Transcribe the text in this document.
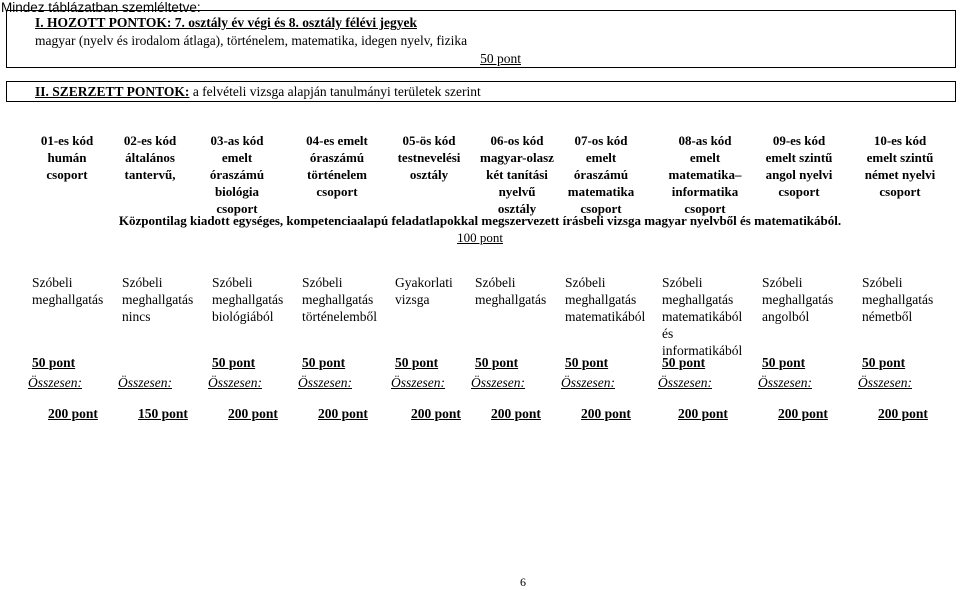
Mindez táblázatban szemléltetve:
I. HOZOTT PONTOK: 7. osztály év végi és 8. osztály félévi jegyek
magyar (nyelv és irodalom átlaga), történelem, matematika, idegen nyelv, fizika
50 pont
II. SZERZETT PONTOK: a felvételi vizsga alapján tanulmányi területek szerint
01-es kód
humán
csoport
Szóbeli
meghallgatás
50 pont
Összesen:
200 pont
02-es kód
általános
tantervű,
Szóbeli
meghallgatás
nincs
Összesen:
150 pont
03-as kód
emelt
óraszámú
biológia
csoport
Szóbeli
meghallgatás
biológiából
50 pont
Összesen:
200 pont
04-es emelt
óraszámú
történelem
csoport
Szóbeli
meghallgatás
történelemből
50 pont
Összesen:
200 pont
05-ös kód
testnevelési
osztály
Gyakorlati
vizsga
50 pont
Összesen:
200 pont
06-os kód
magyar-olasz
két tanítási
nyelvű
osztály
Szóbeli
meghallgatás
50 pont
Összesen:
200 pont
07-os kód
emelt
óraszámú
matematika
csoport
Szóbeli
meghallgatás
matematikából
50 pont
Összesen:
200 pont
08-as kód
emelt
matematika–
informatika
csoport
Szóbeli
meghallgatás
matematikából
és
informatikából
50 pont
Összesen:
200 pont
09-es kód
emelt szintű
angol nyelvi
csoport
Szóbeli
meghallgatás
angolból
50 pont
Összesen:
200 pont
10-es kód
emelt szintű
német nyelvi
csoport
Szóbeli
meghallgatás
németből
50 pont
Összesen:
200 pont
Központilag kiadott egységes, kompetenciaalapú feladatlapokkal megszervezett írásbeli vizsga magyar nyelvből és matematikából.
100 pont
6
